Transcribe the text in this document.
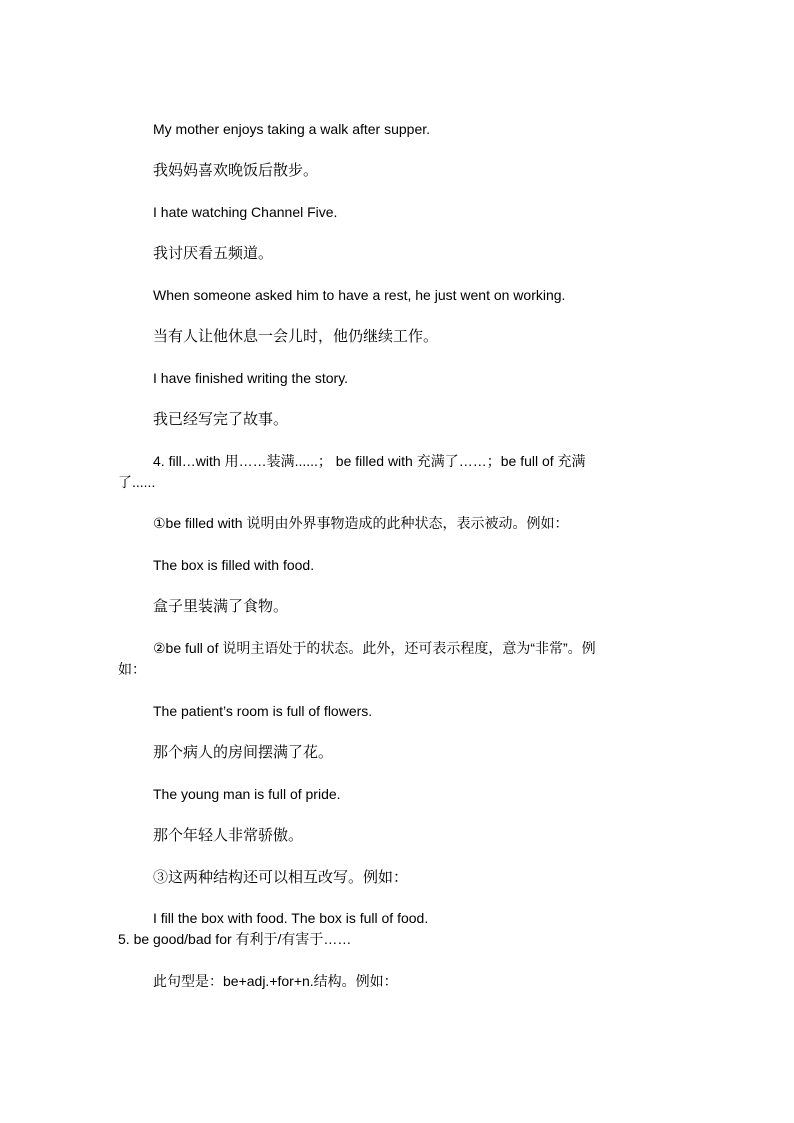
My mother enjoys taking a walk after supper.
我妈妈喜欢晚饭后散步。
I hate watching Channel Five.
我讨厌看五频道。
When someone asked him to have a rest, he just went on working.
当有人让他休息一会儿时，他仍继续工作。
I have finished writing the story.
我已经写完了故事。
4. fill…with 用……装满......； be filled with 充满了……；be full of 充满
了......
①be filled with 说明由外界事物造成的此种状态，表示被动。例如：
The box is filled with food.
盒子里装满了食物。
②be full of 说明主语处于的状态。此外，还可表示程度，意为“非常”。例
如：
The patient’s room is full of flowers.
那个病人的房间摆满了花。
The young man is full of pride.
那个年轻人非常骄傲。
③这两种结构还可以相互改写。例如：
I fill the box with food. The box is full of food.
5. be good/bad for 有利于/有害于……
此句型是：be+adj.+for+n.结构。例如：
